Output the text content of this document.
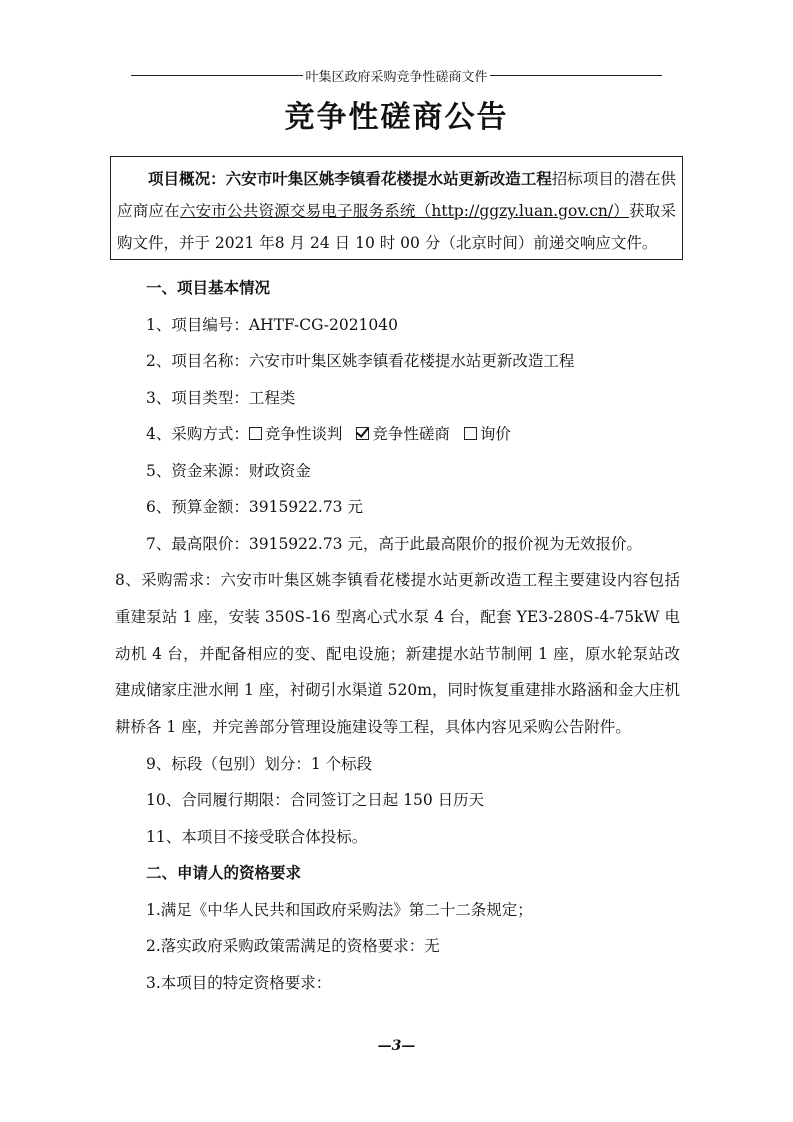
叶集区政府采购竞争性磋商文件
竞争性磋商公告
项目概况：六安市叶集区姚李镇看花楼提水站更新改造工程招标项目的潜在供应商应在六安市公共资源交易电子服务系统（http://ggzy.luan.gov.cn/）获取采购文件，并于 2021 年8 月 24 日 10 时 00 分（北京时间）前递交响应文件。

一、项目基本情况

1、项目编号：AHTF-CG-2021040

2、项目名称：六安市叶集区姚李镇看花楼提水站更新改造工程

3、项目类型：工程类

4、采购方式： 竞争性谈判 竞争性磋商 询价

5、资金来源：财政资金

6、预算金额：3915922.73 元

7、最高限价：3915922.73 元，高于此最高限价的报价视为无效报价。

8、采购需求：六安市叶集区姚李镇看花楼提水站更新改造工程主要建设内容包括重建泵站 1 座，安装 350S-16 型离心式水泵 4 台，配套 YE3-280S-4-75kW 电动机 4 台，并配备相应的变、配电设施；新建提水站节制闸 1 座，原水轮泵站改建成储家庄泄水闸 1 座，衬砌引水渠道 520m，同时恢复重建排水路涵和金大庄机耕桥各 1 座，并完善部分管理设施建设等工程，具体内容见采购公告附件。

9、标段（包别）划分：1 个标段

10、合同履行期限：合同签订之日起 150 日历天

11、本项目不接受联合体投标。

二、申请人的资格要求

1.满足《中华人民共和国政府采购法》第二十二条规定；

2.落实政府采购政策需满足的资格要求：无

3.本项目的特定资格要求：

—3—
